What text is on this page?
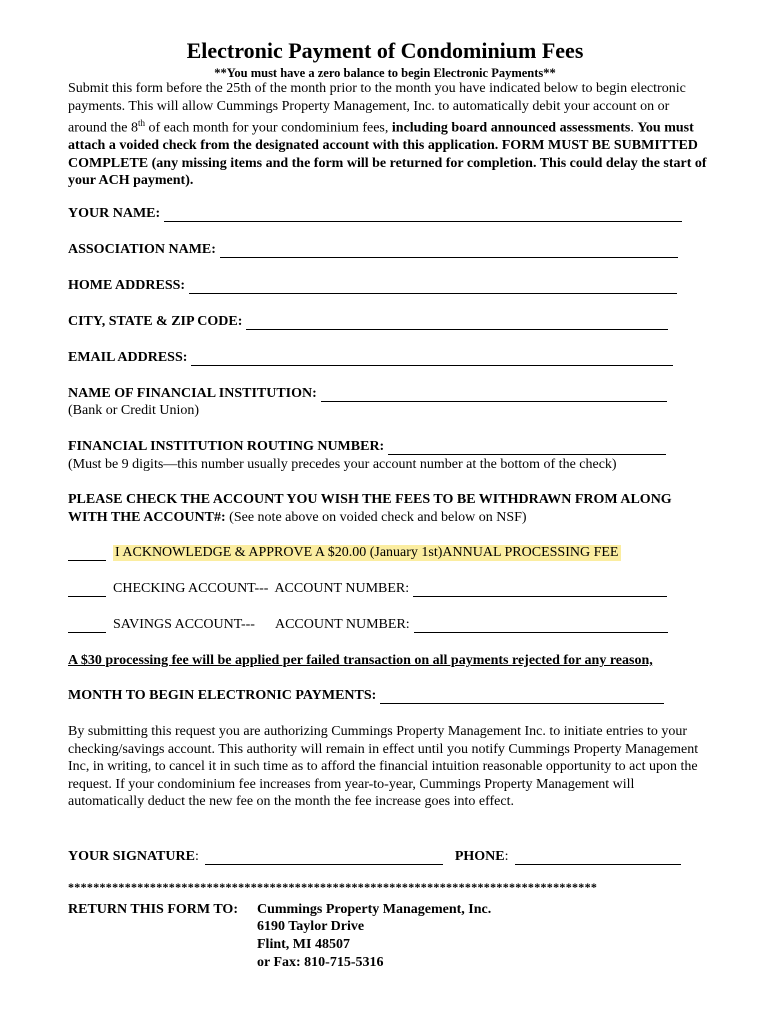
Electronic Payment of Condominium Fees
**You must have a zero balance to begin Electronic Payments**

Submit this form before the 25th of the month prior to the month you have indicated below to begin electronic payments. This will allow Cummings Property Management, Inc. to automatically debit your account on or around the 8th of each month for your condominium fees, including board announced assessments. You must attach a voided check from the designated account with this application. FORM MUST BE SUBMITTED COMPLETE (any missing items and the form will be returned for completion. This could delay the start of your ACH payment).

YOUR NAME:
ASSOCIATION NAME:
HOME ADDRESS:
CITY, STATE & ZIP CODE:
EMAIL ADDRESS:
NAME OF FINANCIAL INSTITUTION:
(Bank or Credit Union)
FINANCIAL INSTITUTION ROUTING NUMBER:
(Must be 9 digits—this number usually precedes your account number at the bottom of the check)
PLEASE CHECK THE ACCOUNT YOU WISH THE FEES TO BE WITHDRAWN FROM ALONG WITH THE ACCOUNT#: (See note above on voided check and below on NSF)
I ACKNOWLEDGE & APPROVE A $20.00 (January 1st)ANNUAL PROCESSING FEE
CHECKING ACCOUNT--- ACCOUNT NUMBER:
SAVINGS ACCOUNT--- ACCOUNT NUMBER:
A $30 processing fee will be applied per failed transaction on all payments rejected for any reason,
MONTH TO BEGIN ELECTRONIC PAYMENTS:
By submitting this request you are authorizing Cummings Property Management Inc. to initiate entries to your checking/savings account. This authority will remain in effect until you notify Cummings Property Management Inc, in writing, to cancel it in such time as to afford the financial intuition reasonable opportunity to act upon the request. If your condominium fee increases from year-to-year, Cummings Property Management will automatically deduct the new fee on the month the fee increase goes into effect.
YOUR SIGNATURE :	PHONE :
************************************************************************************
RETURN THIS FORM TO: Cummings Property Management, Inc.
6190 Taylor Drive
Flint, MI 48507
or Fax: 810-715-5316
